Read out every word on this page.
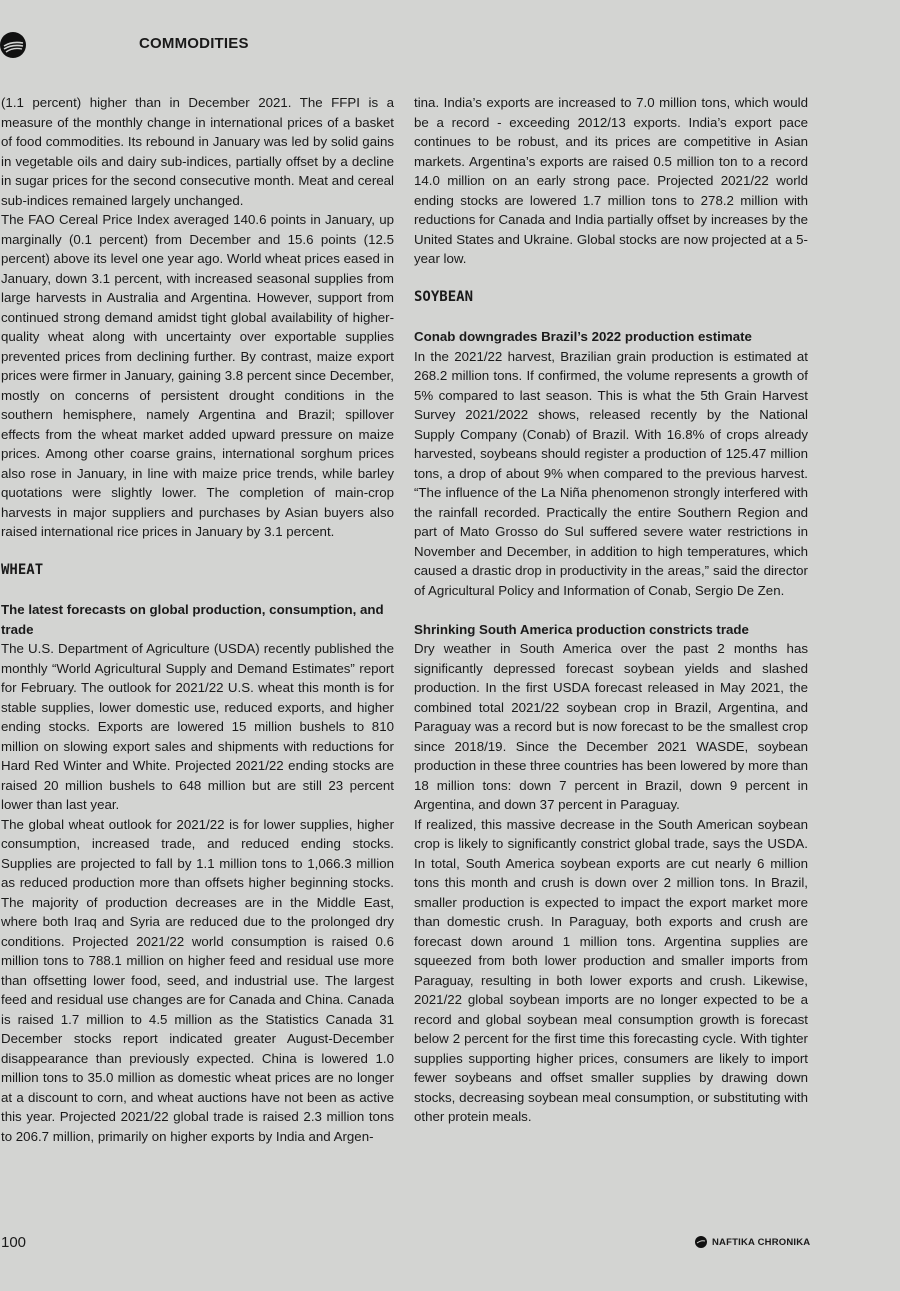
COMMODITIES

(1.1 percent) higher than in December 2021. The FFPI is a measure of the monthly change in international prices of a basket of food commodities. Its rebound in January was led by solid gains in vegetable oils and dairy sub-indices, partially offset by a decline in sugar prices for the second consecutive month. Meat and cereal sub-indices remained largely unchanged.

The FAO Cereal Price Index averaged 140.6 points in January, up marginally (0.1 percent) from December and 15.6 points (12.5 percent) above its level one year ago. World wheat prices eased in January, down 3.1 percent, with increased seasonal supplies from large harvests in Australia and Argentina. However, support from continued strong demand amidst tight global availability of higher-quality wheat along with uncertainty over exportable supplies prevented prices from declining further. By contrast, maize export prices were firmer in January, gaining 3.8 percent since December, mostly on concerns of persistent drought conditions in the southern hemisphere, namely Argentina and Brazil; spillover effects from the wheat market added upward pressure on maize prices. Among other coarse grains, international sorghum prices also rose in January, in line with maize price trends, while barley quotations were slightly lower. The completion of main-crop harvests in major suppliers and purchases by Asian buyers also raised international rice prices in January by 3.1 percent.

WHEAT

The latest forecasts on global production, consumption, and trade

The U.S. Department of Agriculture (USDA) recently published the monthly “World Agricultural Supply and Demand Estimates” report for February. The outlook for 2021/22 U.S. wheat this month is for stable supplies, lower domestic use, reduced exports, and higher ending stocks. Exports are lowered 15 million bushels to 810 million on slowing export sales and shipments with reductions for Hard Red Winter and White. Projected 2021/22 ending stocks are raised 20 million bushels to 648 million but are still 23 percent lower than last year.

The global wheat outlook for 2021/22 is for lower supplies, higher consumption, increased trade, and reduced ending stocks. Supplies are projected to fall by 1.1 million tons to 1,066.3 million as reduced production more than offsets higher beginning stocks. The majority of production decreases are in the Middle East, where both Iraq and Syria are reduced due to the prolonged dry conditions. Projected 2021/22 world consumption is raised 0.6 million tons to 788.1 million on higher feed and residual use more than offsetting lower food, seed, and industrial use. The largest feed and residual use changes are for Canada and China. Canada is raised 1.7 million to 4.5 million as the Statistics Canada 31 December stocks report indicated greater August-December disappearance than previously expected. China is lowered 1.0 million tons to 35.0 million as domestic wheat prices are no longer at a discount to corn, and wheat auctions have not been as active this year. Projected 2021/22 global trade is raised 2.3 million tons to 206.7 million, primarily on higher exports by India and Argen-

tina. India’s exports are increased to 7.0 million tons, which would be a record - exceeding 2012/13 exports. India’s export pace continues to be robust, and its prices are competitive in Asian markets. Argentina’s exports are raised 0.5 million ton to a record 14.0 million on an early strong pace. Projected 2021/22 world ending stocks are lowered 1.7 million tons to 278.2 million with reductions for Canada and India partially offset by increases by the United States and Ukraine. Global stocks are now projected at a 5-year low.

SOYBEAN

Conab downgrades Brazil’s 2022 production estimate

In the 2021/22 harvest, Brazilian grain production is estimated at 268.2 million tons. If confirmed, the volume represents a growth of 5% compared to last season. This is what the 5th Grain Harvest Survey 2021/2022 shows, released recently by the National Supply Company (Conab) of Brazil. With 16.8% of crops already harvested, soybeans should register a production of 125.47 million tons, a drop of about 9% when compared to the previous harvest. “The influence of the La Niña phenomenon strongly interfered with the rainfall recorded. Practically the entire Southern Region and part of Mato Grosso do Sul suffered severe water restrictions in November and December, in addition to high temperatures, which caused a drastic drop in productivity in the areas,” said the director of Agricultural Policy and Information of Conab, Sergio De Zen.

Shrinking South America production constricts trade

Dry weather in South America over the past 2 months has significantly depressed forecast soybean yields and slashed production. In the first USDA forecast released in May 2021, the combined total 2021/22 soybean crop in Brazil, Argentina, and Paraguay was a record but is now forecast to be the smallest crop since 2018/19. Since the December 2021 WASDE, soybean production in these three countries has been lowered by more than 18 million tons: down 7 percent in Brazil, down 9 percent in Argentina, and down 37 percent in Paraguay.

If realized, this massive decrease in the South American soybean crop is likely to significantly constrict global trade, says the USDA. In total, South America soybean exports are cut nearly 6 million tons this month and crush is down over 2 million tons. In Brazil, smaller production is expected to impact the export market more than domestic crush. In Paraguay, both exports and crush are forecast down around 1 million tons. Argentina supplies are squeezed from both lower production and smaller imports from Paraguay, resulting in both lower exports and crush. Likewise, 2021/22 global soybean imports are no longer expected to be a record and global soybean meal consumption growth is forecast below 2 percent for the first time this forecasting cycle. With tighter supplies supporting higher prices, consumers are likely to import fewer soybeans and offset smaller supplies by drawing down stocks, decreasing soybean meal consumption, or substituting with other protein meals.

100	NAFTIKA CHRONIKA
